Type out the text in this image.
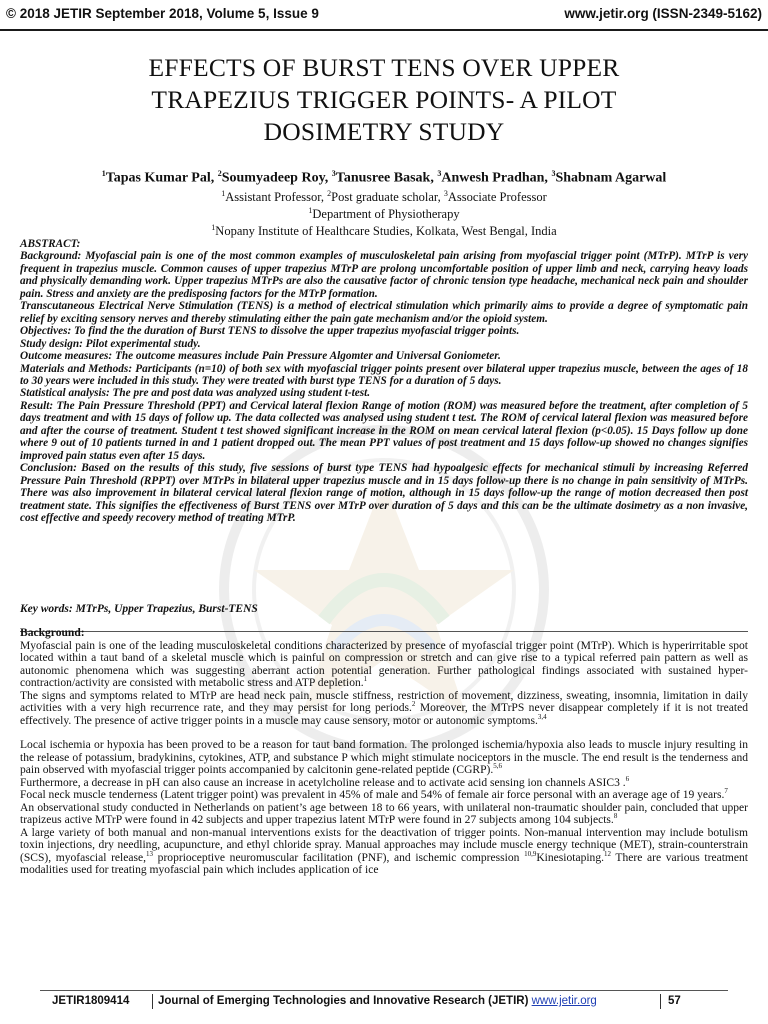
© 2018 JETIR September 2018, Volume 5, Issue 9	www.jetir.org (ISSN-2349-5162)
EFFECTS OF BURST TENS OVER UPPER
TRAPEZIUS TRIGGER POINTS- A PILOT
DOSIMETRY STUDY
$^1$Tapas Kumar Pal, $^2$Soumyadeep Roy, $^3$Tanusree Basak, $^3$Anwesh Pradhan, $^3$Shabnam Agarwal
$^1$Assistant Professor, $^2$Post graduate scholar, $^3$Associate Professor
$^1$Department of Physiotherapy
$^1$Nopany Institute of Healthcare Studies, Kolkata, West Bengal, India

ABSTRACT:

Background: Myofascial pain is one of the most common examples of musculoskeletal pain arising from myofascial trigger point (MTrP). MTrP is very frequent in trapezius muscle. Common causes of upper trapezius MTrP are prolong uncomfortable position of upper limb and neck, carrying heavy loads and physically demanding work. Upper trapezius MTrPs are also the causative factor of chronic tension type headache, mechanical neck pain and shoulder pain. Stress and anxiety are the predisposing factors for the MTrP formation.

Transcutaneous Electrical Nerve Stimulation (TENS) is a method of electrical stimulation which primarily aims to provide a degree of symptomatic pain relief by exciting sensory nerves and thereby stimulating either the pain gate mechanism and/or the opioid system.

Objectives: To find the the duration of Burst TENS to dissolve the upper trapezius myofascial trigger points.

Study design: Pilot experimental study.

Outcome measures: The outcome measures include Pain Pressure Algomter and Universal Goniometer.

Materials and Methods: Participants (n=10) of both sex with myofascial trigger points present over bilateral upper trapezius muscle, between the ages of 18 to 30 years were included in this study. They were treated with burst type TENS for a duration of 5 days.

Statistical analysis: The pre and post data was analyzed using student t-test.

Result: The Pain Pressure Threshold (PPT) and Cervical lateral flexion Range of motion (ROM) was measured before the treatment, after completion of 5 days treatment and with 15 days of follow up. The data collected was analysed using student t test. The ROM of cervical lateral flexion was measured before and after the course of treatment. Student t test showed significant increase in the ROM on mean cervical lateral flexion (p<0.05). 15 Days follow up done where 9 out of 10 patients turned in and 1 patient dropped out. The mean PPT values of post treatment and 15 days follow-up showed no changes signifies improved pain status even after 15 days.

Conclusion: Based on the results of this study, five sessions of burst type TENS had hypoalgesic effects for mechanical stimuli by increasing Referred Pressure Pain Threshold (RPPT) over MTrPs in bilateral upper trapezius muscle and in 15 days follow-up there is no change in pain sensitivity of MTrPs. There was also improvement in bilateral cervical lateral flexion range of motion, although in 15 days follow-up the range of motion decreased then post treatment state. This signifies the effectiveness of Burst TENS over MTrP over duration of 5 days and this can be the ultimate dosimetry as a non invasive, cost effective and speedy recovery method of treating MTrP.

Key words: MTrPs, Upper Trapezius, Burst-TENS

Background:

Myofascial pain is one of the leading musculoskeletal conditions characterized by presence of myofascial trigger point (MTrP). Which is hyperirritable spot located within a taut band of a skeletal muscle which is painful on compression or stretch and can give rise to a typical referred pain pattern as well as autonomic phenomena which was suggesting aberrant action potential generation. Further pathological findings associated with sustained hyper-contraction/activity are consisted with metabolic stress and ATP depletion.$^1$

The signs and symptoms related to MTrP are head neck pain, muscle stiffness, restriction of movement, dizziness, sweating, insomnia, limitation in daily activities with a very high recurrence rate, and they may persist for long periods.$^2$ Moreover, the MTrPS never disappear completely if it is not treated effectively. The presence of active trigger points in a muscle may cause sensory, motor or autonomic symptoms.$^{3,4}$

Local ischemia or hypoxia has been proved to be a reason for taut band formation. The prolonged ischemia/hypoxia also leads to muscle injury resulting in the release of potassium, bradykinins, cytokines, ATP, and substance P which might stimulate nociceptors in the muscle. The end result is the tenderness and pain observed with myofascial trigger points accompanied by calcitonin gene-related peptide (CGRP).$^{5,6}$

Furthermore, a decrease in pH can also cause an increase in acetylcholine release and to activate acid sensing ion channels ASIC3 .$^6$

Focal neck muscle tenderness (Latent trigger point) was prevalent in 45% of male and 54% of female air force personal with an average age of 19 years.$^7$

An observational study conducted in Netherlands on patient’s age between 18 to 66 years, with unilateral non-traumatic shoulder pain, concluded that upper trapizeus active MTrP were found in 42 subjects and upper trapezius latent MTrP were found in 27 subjects among 104 subjects.$^8$

A large variety of both manual and non-manual interventions exists for the deactivation of trigger points. Non-manual intervention may include botulism toxin injections, dry needling, acupuncture, and ethyl chloride spray. Manual approaches may include muscle energy technique (MET), strain-counterstrain (SCS), myofascial release,$^{13}$ proprioceptive neuromuscular facilitation (PNF), and ischemic compression $^{10,9}$Kinesiotaping.$^{12}$ There are various treatment modalities used for treating myofascial pain which includes application of ice

JETIR1809414 Journal of Emerging Technologies and Innovative Research (JETIR) www.jetir.org	57
